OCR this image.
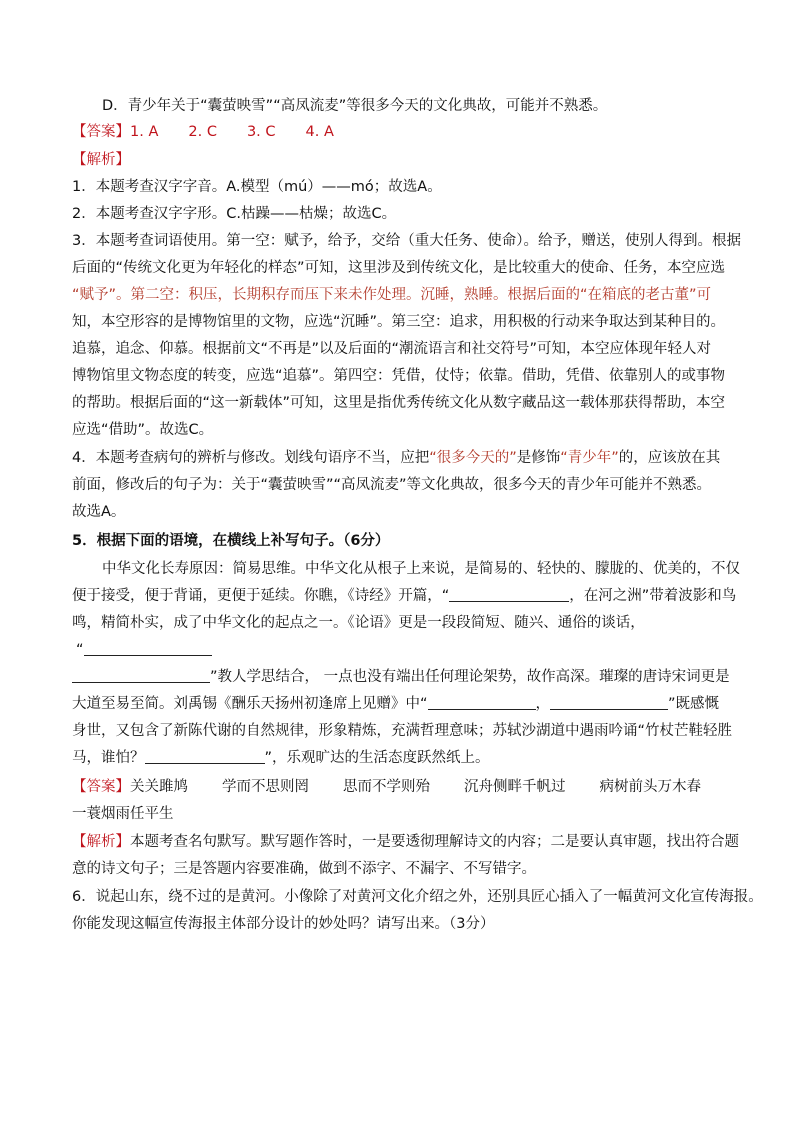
D．青少年关于“囊萤映雪”“高凤流麦”等很多今天的文化典故，可能并不熟悉。
【答案】1. A 2. C 3. C 4. A
【解析】
1．本题考查汉字字音。A.模型（mú）——mó；故选A。
2．本题考查汉字字形。C.枯躁——枯燥；故选C。
3．本题考查词语使用。第一空：赋予，给予，交给（重大任务、使命）。给予，赠送，使别人得到。根据
后面的“传统文化更为年轻化的样态”可知，这里涉及到传统文化，是比较重大的使命、任务，本空应选
“赋予”。第二空：积压，长期积存而压下来未作处理。沉睡，熟睡。根据后面的“在箱底的老古董”可
知，本空形容的是博物馆里的文物，应选“沉睡”。第三空：追求，用积极的行动来争取达到某种目的。
追慕，追念、仰慕。根据前文“不再是”以及后面的“潮流语言和社交符号”可知，本空应体现年轻人对
博物馆里文物态度的转变，应选“追慕”。第四空：凭借，仗恃；依靠。借助，凭借、依靠别人的或事物
的帮助。根据后面的“这一新载体”可知，这里是指优秀传统文化从数字藏品这一载体那获得帮助，本空
应选“借助”。故选C。
4．本题考查病句的辨析与修改。划线句语序不当，应把“很多今天的”是修饰“青少年”的，应该放在其
前面，修改后的句子为：关于“囊萤映雪”“高凤流麦”等文化典故，很多今天的青少年可能并不熟悉。
故选A。
5．根据下面的语境，在横线上补写句子。（6分）
中华文化长寿原因：简易思维。中华文化从根子上来说，是简易的、轻快的、朦胧的、优美的，不仅
便于接受，便于背诵，更便于延续。你瞧，《诗经》开篇，“	，在河之洲”带着波影和鸟
鸣，精简朴实，成了中华文化的起点之一。《论语》更是一段段简短、随兴、通俗的谈话，
“
”教人学思结合， 一点也没有端出任何理论架势，故作高深。璀璨的唐诗宋词更是
大道至易至简。刘禹锡《酬乐天扬州初逢席上见赠》中“	，	”既感慨
身世，又包含了新陈代谢的自然规律，形象精炼，充满哲理意味；苏轼沙湖道中遇雨吟诵“竹杖芒鞋轻胜
马，谁怕？	”，乐观旷达的生活态度跃然纸上。
【答案】关关雎鸠 学而不思则罔 思而不学则殆 沉舟侧畔千帆过 病树前头万木春
一蓑烟雨任平生
【解析】本题考查名句默写。默写题作答时，一是要透彻理解诗文的内容；二是要认真审题，找出符合题
意的诗文句子；三是答题内容要准确，做到不添字、不漏字、不写错字。
6．说起山东，绕不过的是黄河。小像除了对黄河文化介绍之外，还别具匠心插入了一幅黄河文化宣传海报。
你能发现这幅宣传海报主体部分设计的妙处吗？请写出来。（3分）
